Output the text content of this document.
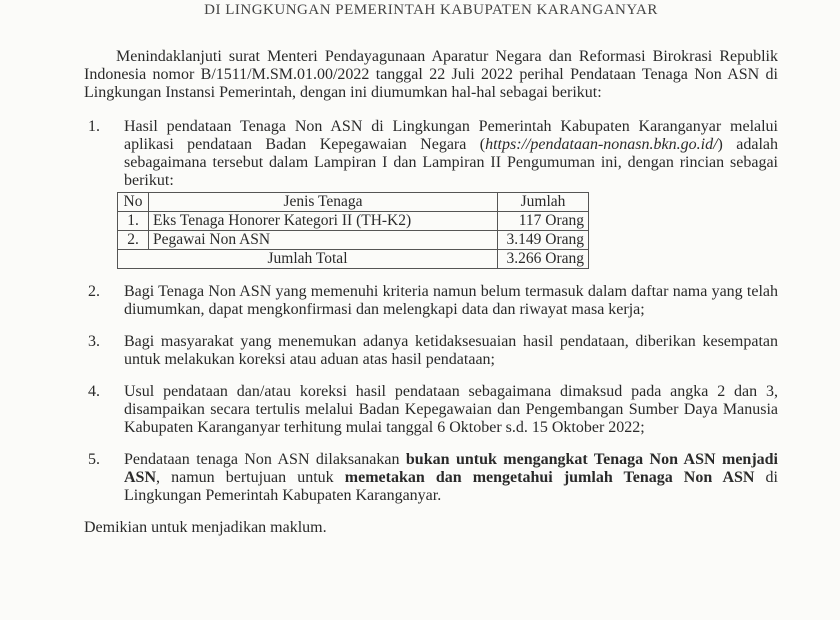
DI LINGKUNGAN PEMERINTAH KABUPATEN KARANGANYAR

Menindaklanjuti surat Menteri Pendayagunaan Aparatur Negara dan Reformasi Birokrasi Republik Indonesia nomor B/1511/M.SM.01.00/2022 tanggal 22 Juli 2022 perihal Pendataan Tenaga Non ASN di Lingkungan Instansi Pemerintah, dengan ini diumumkan hal-hal sebagai berikut:

1. Hasil pendataan Tenaga Non ASN di Lingkungan Pemerintah Kabupaten Karanganyar melalui aplikasi pendataan Badan Kepegawaian Negara (https://pendataan-nonasn.bkn.go.id/) adalah sebagaimana tersebut dalam Lampiran I dan Lampiran II Pengumuman ini, dengan rincian sebagai berikut:
No	Jenis Tenaga	Jumlah
1.	Eks Tenaga Honorer Kategori II (TH-K2)	117 Orang
2.	Pegawai Non ASN	3.149 Orang
Jumlah Total		3.266 Orang
2. Bagi Tenaga Non ASN yang memenuhi kriteria namun belum termasuk dalam daftar nama yang telah diumumkan, dapat mengkonfirmasi dan melengkapi data dan riwayat masa kerja;
3. Bagi masyarakat yang menemukan adanya ketidaksesuaian hasil pendataan, diberikan kesempatan untuk melakukan koreksi atau aduan atas hasil pendataan;
4. Usul pendataan dan/atau koreksi hasil pendataan sebagaimana dimaksud pada angka 2 dan 3, disampaikan secara tertulis melalui Badan Kepegawaian dan Pengembangan Sumber Daya Manusia Kabupaten Karanganyar terhitung mulai tanggal 6 Oktober s.d. 15 Oktober 2022;
5. Pendataan tenaga Non ASN dilaksanakan bukan untuk mengangkat Tenaga Non ASN menjadi ASN, namun bertujuan untuk memetakan dan mengetahui jumlah Tenaga Non ASN di Lingkungan Pemerintah Kabupaten Karanganyar.
Demikian untuk menjadikan maklum.
